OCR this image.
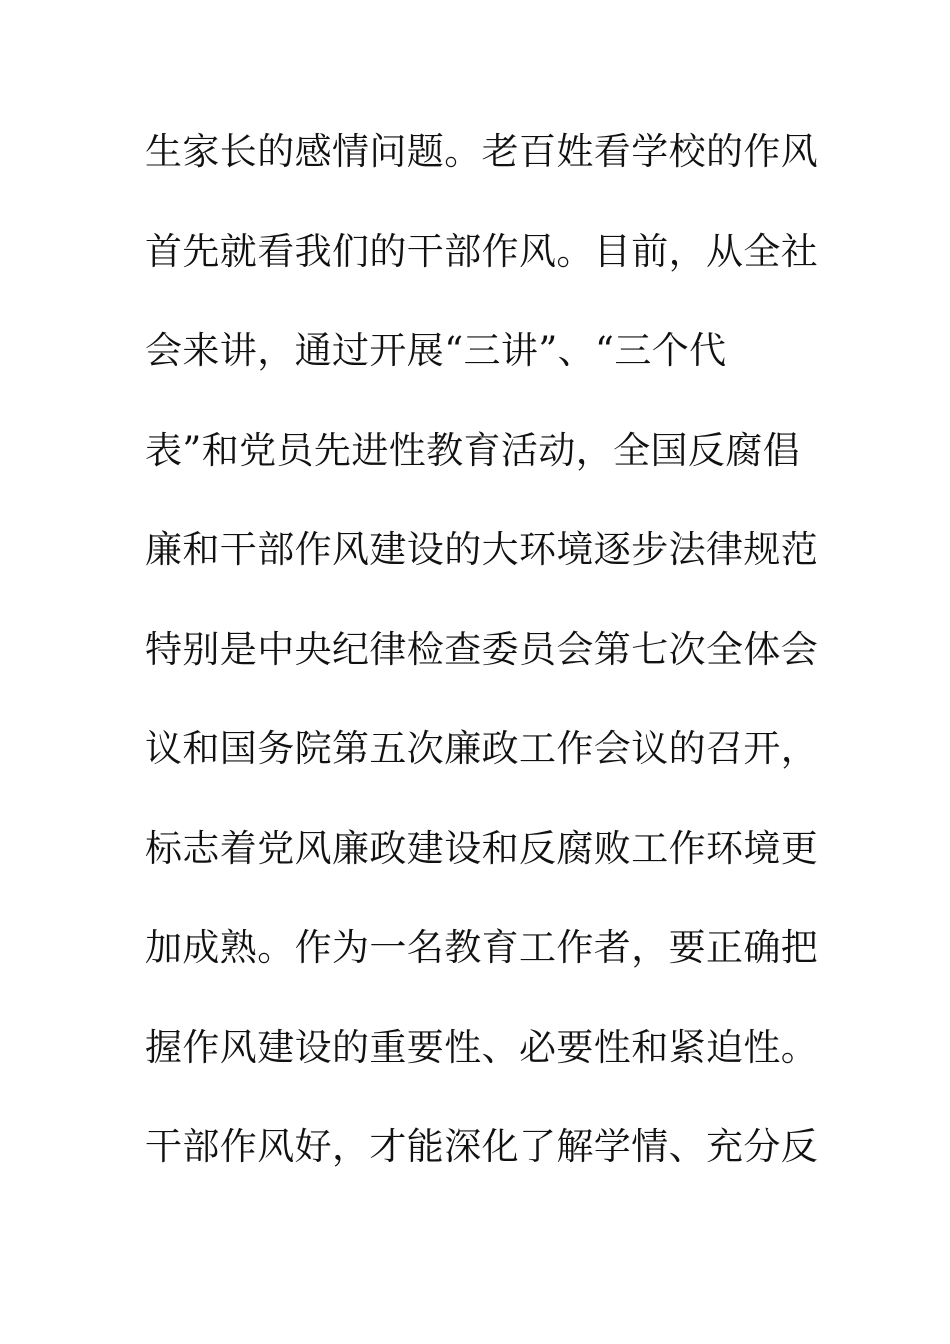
生家长的感情问题。老百姓看学校的作风
首先就看我们的干部作风。目前，从全社
会来讲，通过开展“三讲”、“三个代
表”和党员先进性教育活动，全国反腐倡
廉和干部作风建设的大环境逐步法律规范
特别是中央纪律检查委员会第七次全体会
议和国务院第五次廉政工作会议的召开，
标志着党风廉政建设和反腐败工作环境更
加成熟。作为一名教育工作者，要正确把
握作风建设的重要性、必要性和紧迫性。
干部作风好，才能深化了解学情、充分反
